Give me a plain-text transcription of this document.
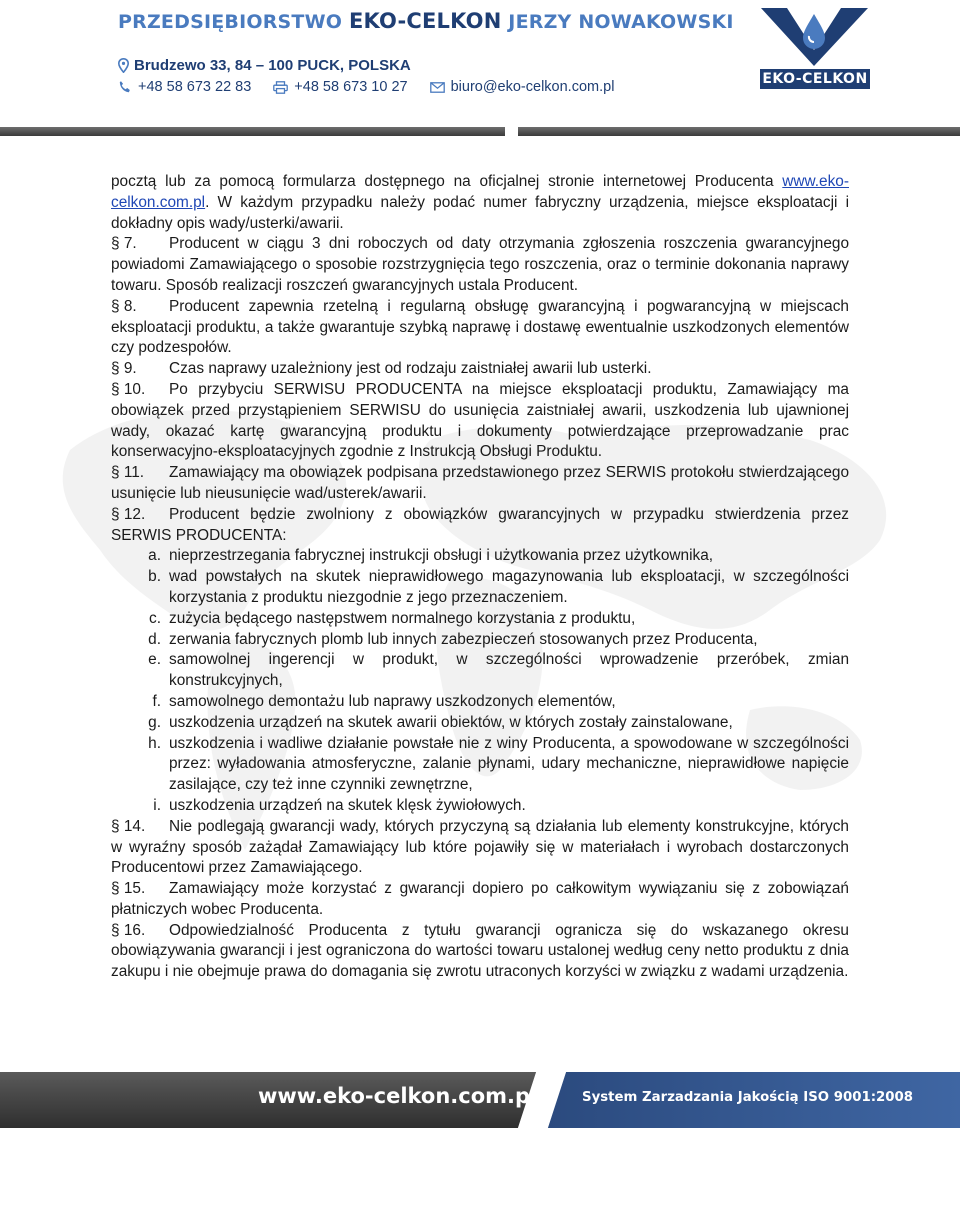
PRZEDSIĘBIORSTWO EKO-CELKON JERZY NOWAKOWSKI
Brudzewo 33, 84 – 100 PUCK, POLSKA
+48 58 673 22 83	+48 58 673 10 27	biuro@eko-celkon.com.pl	EKO-CELKON

pocztą lub za pomocą formularza dostępnego na oficjalnej stronie internetowej Producenta www.eko-celkon.com.pl. W każdym przypadku należy podać numer fabryczny urządzenia, miejsce eksploatacji i dokładny opis wady/usterki/awarii.

§ 7. Producent w ciągu 3 dni roboczych od daty otrzymania zgłoszenia roszczenia gwarancyjnego powiadomi Zamawiającego o sposobie rozstrzygnięcia tego roszczenia, oraz o terminie dokonania naprawy towaru. Sposób realizacji roszczeń gwarancyjnych ustala Producent.
§ 8. Producent zapewnia rzetelną i regularną obsługę gwarancyjną i pogwarancyjną w miejscach eksploatacji produktu, a także gwarantuje szybką naprawę i dostawę ewentualnie uszkodzonych elementów czy podzespołów.
§ 9. Czas naprawy uzależniony jest od rodzaju zaistniałej awarii lub usterki.
§ 10. Po przybyciu SERWISU PRODUCENTA na miejsce eksploatacji produktu, Zamawiający ma obowiązek przed przystąpieniem SERWISU do usunięcia zaistniałej awarii, uszkodzenia lub ujawnionej wady, okazać kartę gwarancyjną produktu i dokumenty potwierdzające przeprowadzanie prac konserwacyjno-eksploatacyjnych zgodnie z Instrukcją Obsługi Produktu.
§ 11. Zamawiający ma obowiązek podpisana przedstawionego przez SERWIS protokołu stwierdzającego usunięcie lub nieusunięcie wad/usterek/awarii.
§ 12. Producent będzie zwolniony z obowiązków gwarancyjnych w przypadku stwierdzenia przez SERWIS PRODUCENTA:
a. nieprzestrzegania fabrycznej instrukcji obsługi i użytkowania przez użytkownika,
b. wad powstałych na skutek nieprawidłowego magazynowania lub eksploatacji, w szczególności korzystania z produktu niezgodnie z jego przeznaczeniem.
c. zużycia będącego następstwem normalnego korzystania z produktu,
d. zerwania fabrycznych plomb lub innych zabezpieczeń stosowanych przez Producenta,
e. samowolnej ingerencji w produkt, w szczególności wprowadzenie przeróbek, zmian konstrukcyjnych,
f. samowolnego demontażu lub naprawy uszkodzonych elementów,
g. uszkodzenia urządzeń na skutek awarii obiektów, w których zostały zainstalowane,
h. uszkodzenia i wadliwe działanie powstałe nie z winy Producenta, a spowodowane w szczególności przez: wyładowania atmosferyczne, zalanie płynami, udary mechaniczne, nieprawidłowe napięcie zasilające, czy też inne czynniki zewnętrzne,
i. uszkodzenia urządzeń na skutek klęsk żywiołowych.
§ 14. Nie podlegają gwarancji wady, których przyczyną są działania lub elementy konstrukcyjne, których w wyraźny sposób zażądał Zamawiający lub które pojawiły się w materiałach i wyrobach dostarczonych Producentowi przez Zamawiającego.
§ 15. Zamawiający może korzystać z gwarancji dopiero po całkowitym wywiązaniu się z zobowiązań płatniczych wobec Producenta.
§ 16. Odpowiedzialność Producenta z tytułu gwarancji ogranicza się do wskazanego okresu obowiązywania gwarancji i jest ograniczona do wartości towaru ustalonej według ceny netto produktu z dnia zakupu i nie obejmuje prawa do domagania się zwrotu utraconych korzyści w związku z wadami urządzenia.
www.eko-celkon.com.pl	System Zarzadzania Jakością ISO 9001:2008
